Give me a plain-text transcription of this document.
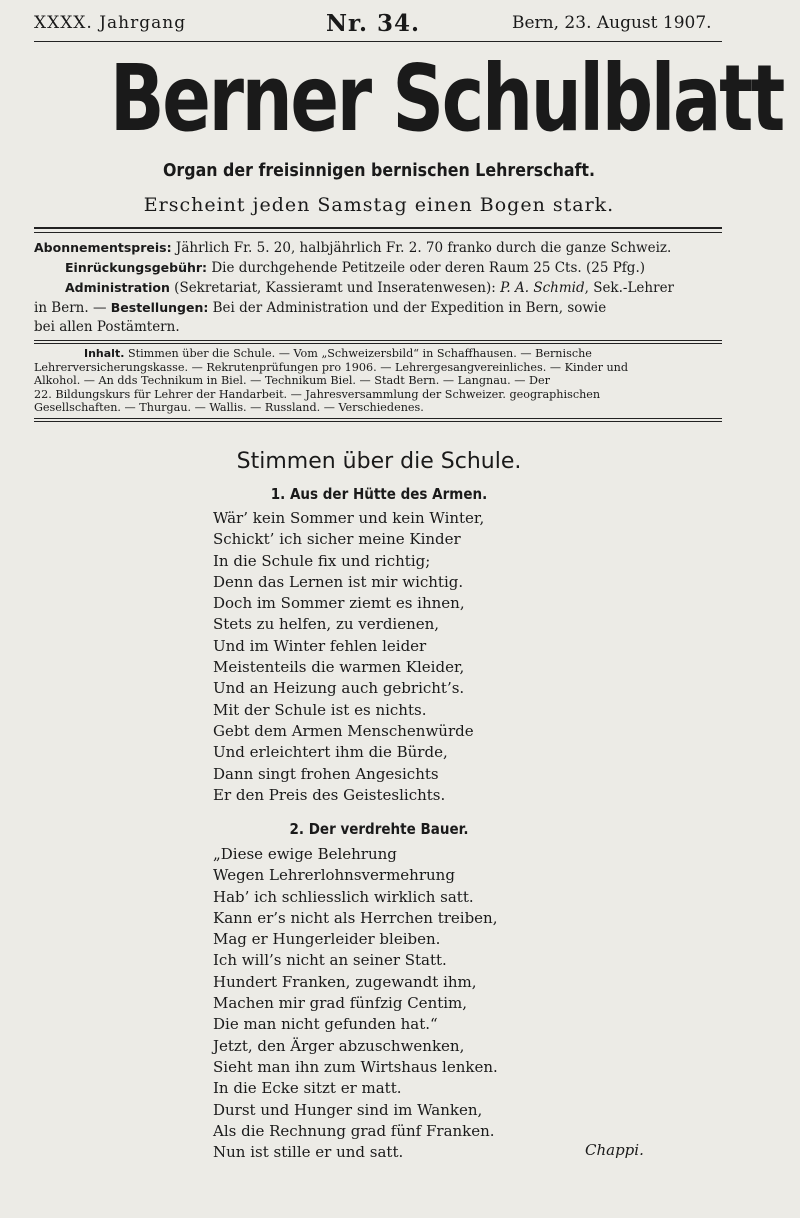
XXXX. Jahrgang	Nr. 34.	Bern, 23. August 1907.
Berner Schulblatt
Organ der freisinnigen bernischen Lehrerschaft.
Erscheint jeden Samstag einen Bogen stark.
Abonnementspreis: Jährlich Fr. 5. 20, halbjährlich Fr. 2. 70 franko durch die ganze Schweiz.
Einrückungsgebühr: Die durchgehende Petitzeile oder deren Raum 25 Cts. (25 Pfg.)
Administration (Sekretariat, Kassieramt und Inseratenwesen): P. A. Schmid, Sek.-Lehrer
in Bern. — Bestellungen: Bei der Administration und der Expedition in Bern, sowie
bei allen Postämtern.
Inhalt. Stimmen über die Schule. — Vom „Schweizersbild“ in Schaffhausen. — Bernische
Lehrerversicherungskasse. — Rekrutenprüfungen pro 1906. — Lehrergesangvereinliches. — Kinder und
Alkohol. — An dds Technikum in Biel. — Technikum Biel. — Stadt Bern. — Langnau. — Der
22. Bildungskurs für Lehrer der Handarbeit. — Jahresversammlung der Schweizer. geographischen
Gesellschaften. — Thurgau. — Wallis. — Russland. — Verschiedenes.
Stimmen über die Schule.
1. Aus der Hütte des Armen.
Wär’ kein Sommer und kein Winter,
Schickt’ ich sicher meine Kinder
In die Schule fix und richtig;
Denn das Lernen ist mir wichtig.
Doch im Sommer ziemt es ihnen,
Stets zu helfen, zu verdienen,
Und im Winter fehlen leider
Meistenteils die warmen Kleider,
Und an Heizung auch gebricht’s.
Mit der Schule ist es nichts.
Gebt dem Armen Menschenwürde
Und erleichtert ihm die Bürde,
Dann singt frohen Angesichts
Er den Preis des Geisteslichts.
2. Der verdrehte Bauer.
„Diese ewige Belehrung
Wegen Lehrerlohnsvermehrung
Hab’ ich schliesslich wirklich satt.
Kann er’s nicht als Herrchen treiben,
Mag er Hungerleider bleiben.
Ich will’s nicht an seiner Statt.
Hundert Franken, zugewandt ihm,
Machen mir grad fünfzig Centim,
Die man nicht gefunden hat.“
Jetzt, den Ärger abzuschwenken,
Sieht man ihn zum Wirtshaus lenken.
In die Ecke sitzt er matt.
Durst und Hunger sind im Wanken,
Als die Rechnung grad fünf Franken.
Nun ist stille er und satt.	Chappi.
